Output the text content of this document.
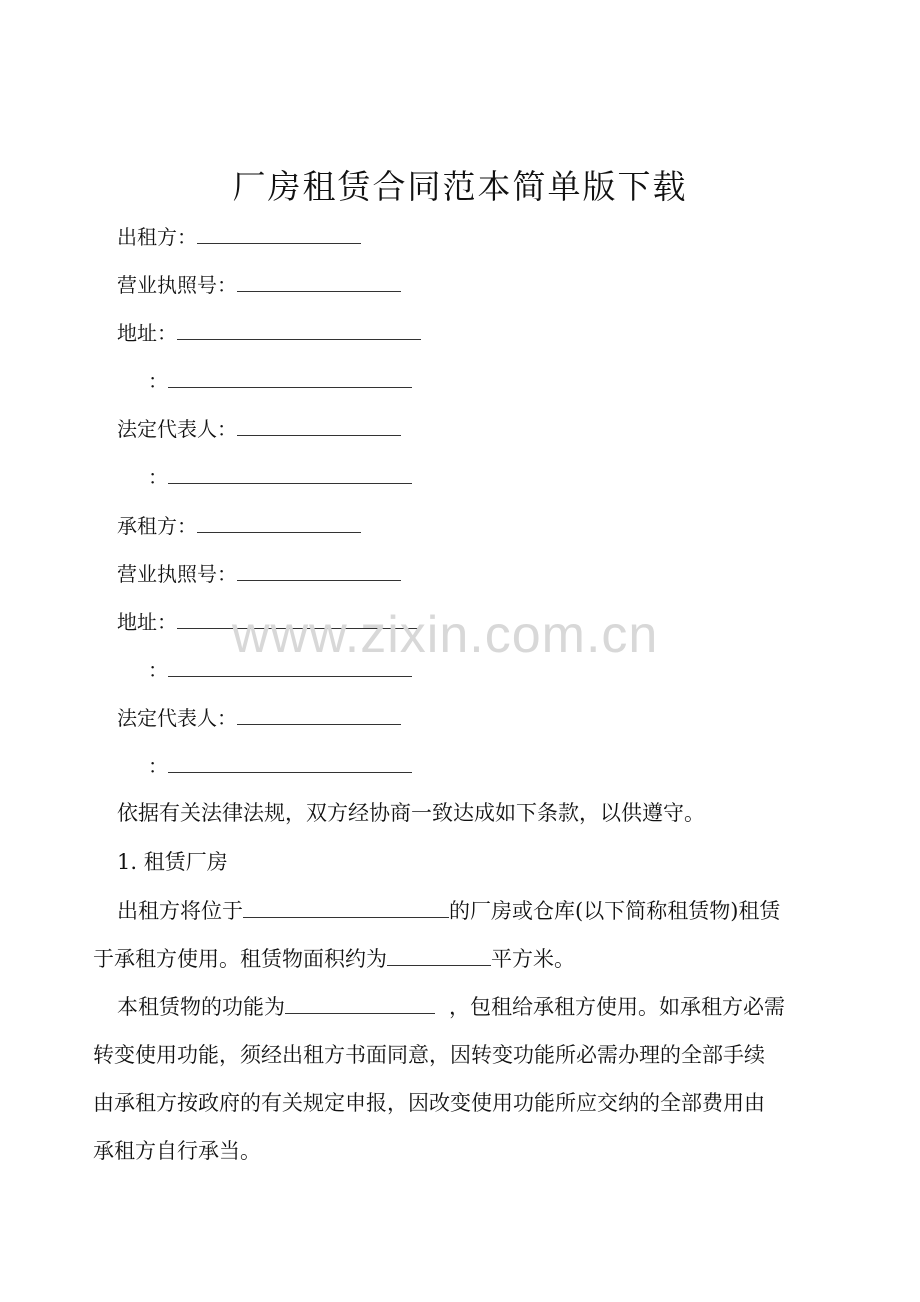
厂房租赁合同范本简单版下载
出租方：
营业执照号：
地址：
：
法定代表人：
：
承租方：
营业执照号：
地址：
：
法定代表人：
：
依据有关法律法规，双方经协商一致达成如下条款，以供遵守。
1. 租赁厂房
出租方将位于	的厂房或仓库(以下简称租赁物)租赁
于承租方使用。租赁物面积约为	平方米。
本租赁物的功能为	，包租给承租方使用。如承租方必需
转变使用功能，须经出租方书面同意，因转变功能所必需办理的全部手续
由承租方按政府的有关规定申报，因改变使用功能所应交纳的全部费用由
承租方自行承当。
www.zixin.com.cn
